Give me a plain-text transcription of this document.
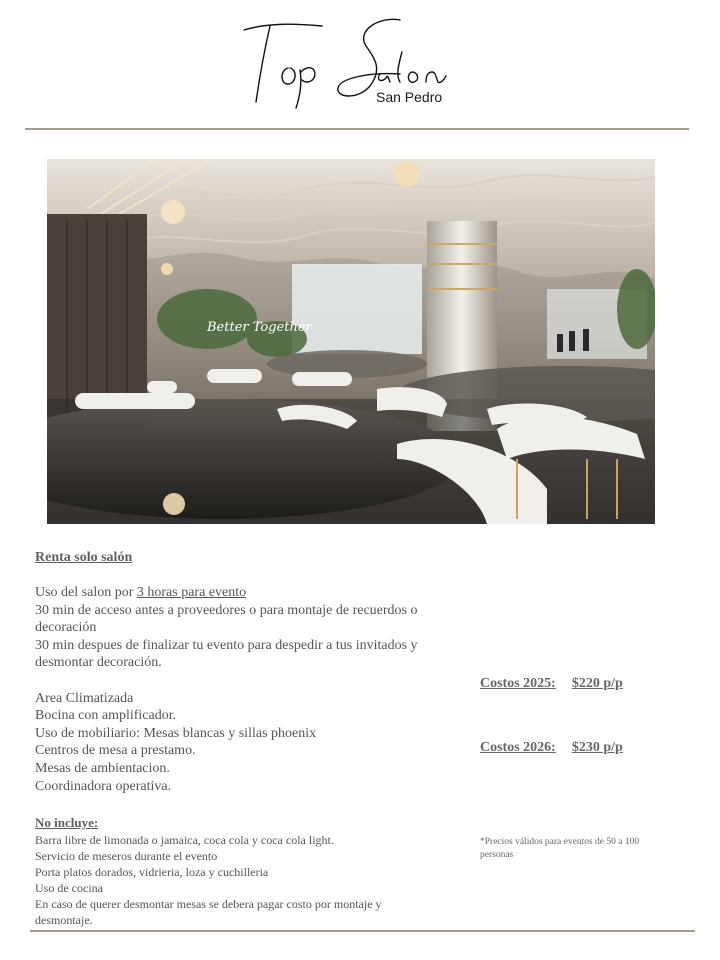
San Pedro
Better Together
Renta solo salón
Uso del salon por 3 horas para evento
30 min de acceso antes a proveedores o para montaje de recuerdos o
decoración
30 min despues de finalizar tu evento para despedir a tus invitados y
desmontar decoración.
Area Climatizada
Bocina con amplificador.
Uso de mobiliario: Mesas blancas y sillas phoenix
Centros de mesa a prestamo.
Mesas de ambientacion.
Coordinadora operativa.
No incluye:
Barra libre de limonada o jamaica, coca cola y coca cola light.
Servicio de meseros durante el evento
Porta platos dorados, vidrieria, loza y cuchilleria
Uso de cocina
En caso de querer desmontar mesas se debera pagar costo por montaje y
desmontaje.
Costos 2025: $220 p/p
Costos 2026: $230 p/p
*Precios válidos para eventos de 50 a 100 personas
